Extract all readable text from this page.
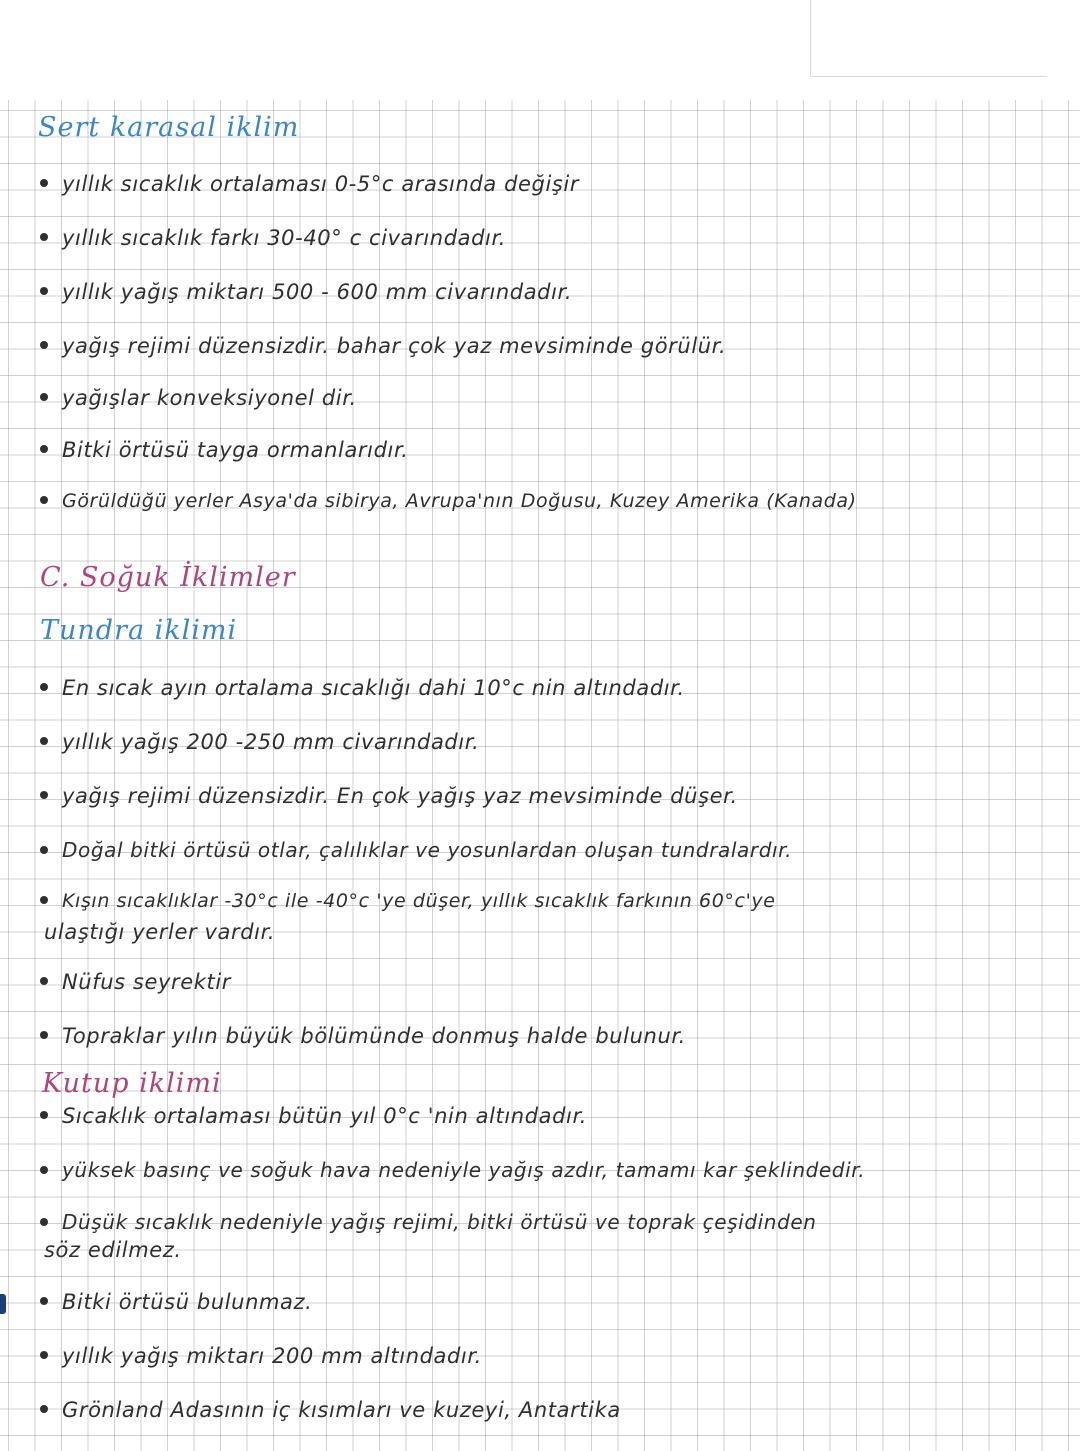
Sert karasal iklim
yıllık sıcaklık ortalaması 0-5°c arasında değişir
yıllık sıcaklık farkı 30-40° c civarındadır.
yıllık yağış miktarı 500 - 600 mm civarındadır.
yağış rejimi düzensizdir. bahar çok yaz mevsiminde görülür.
yağışlar konveksiyonel dir.
Bitki örtüsü tayga ormanlarıdır.
Görüldüğü yerler Asya'da sibirya, Avrupa'nın Doğusu, Kuzey Amerika (Kanada)
C. Soğuk İklimler
Tundra iklimi
En sıcak ayın ortalama sıcaklığı dahi 10°c nin altındadır.
yıllık yağış 200 -250 mm civarındadır.
yağış rejimi düzensizdir. En çok yağış yaz mevsiminde düşer.
Doğal bitki örtüsü otlar, çalılıklar ve yosunlardan oluşan tundralardır.
Kışın sıcaklıklar -30°c ile -40°c 'ye düşer, yıllık sıcaklık farkının 60°c'ye
ulaştığı yerler vardır.
Nüfus seyrektir
Topraklar yılın büyük bölümünde donmuş halde bulunur.
Kutup iklimi
Sıcaklık ortalaması bütün yıl 0°c 'nin altındadır.
yüksek basınç ve soğuk hava nedeniyle yağış azdır, tamamı kar şeklindedir.
Düşük sıcaklık nedeniyle yağış rejimi, bitki örtüsü ve toprak çeşidinden
söz edilmez.
Bitki örtüsü bulunmaz.
yıllık yağış miktarı 200 mm altındadır.
Grönland Adasının iç kısımları ve kuzeyi, Antartika
